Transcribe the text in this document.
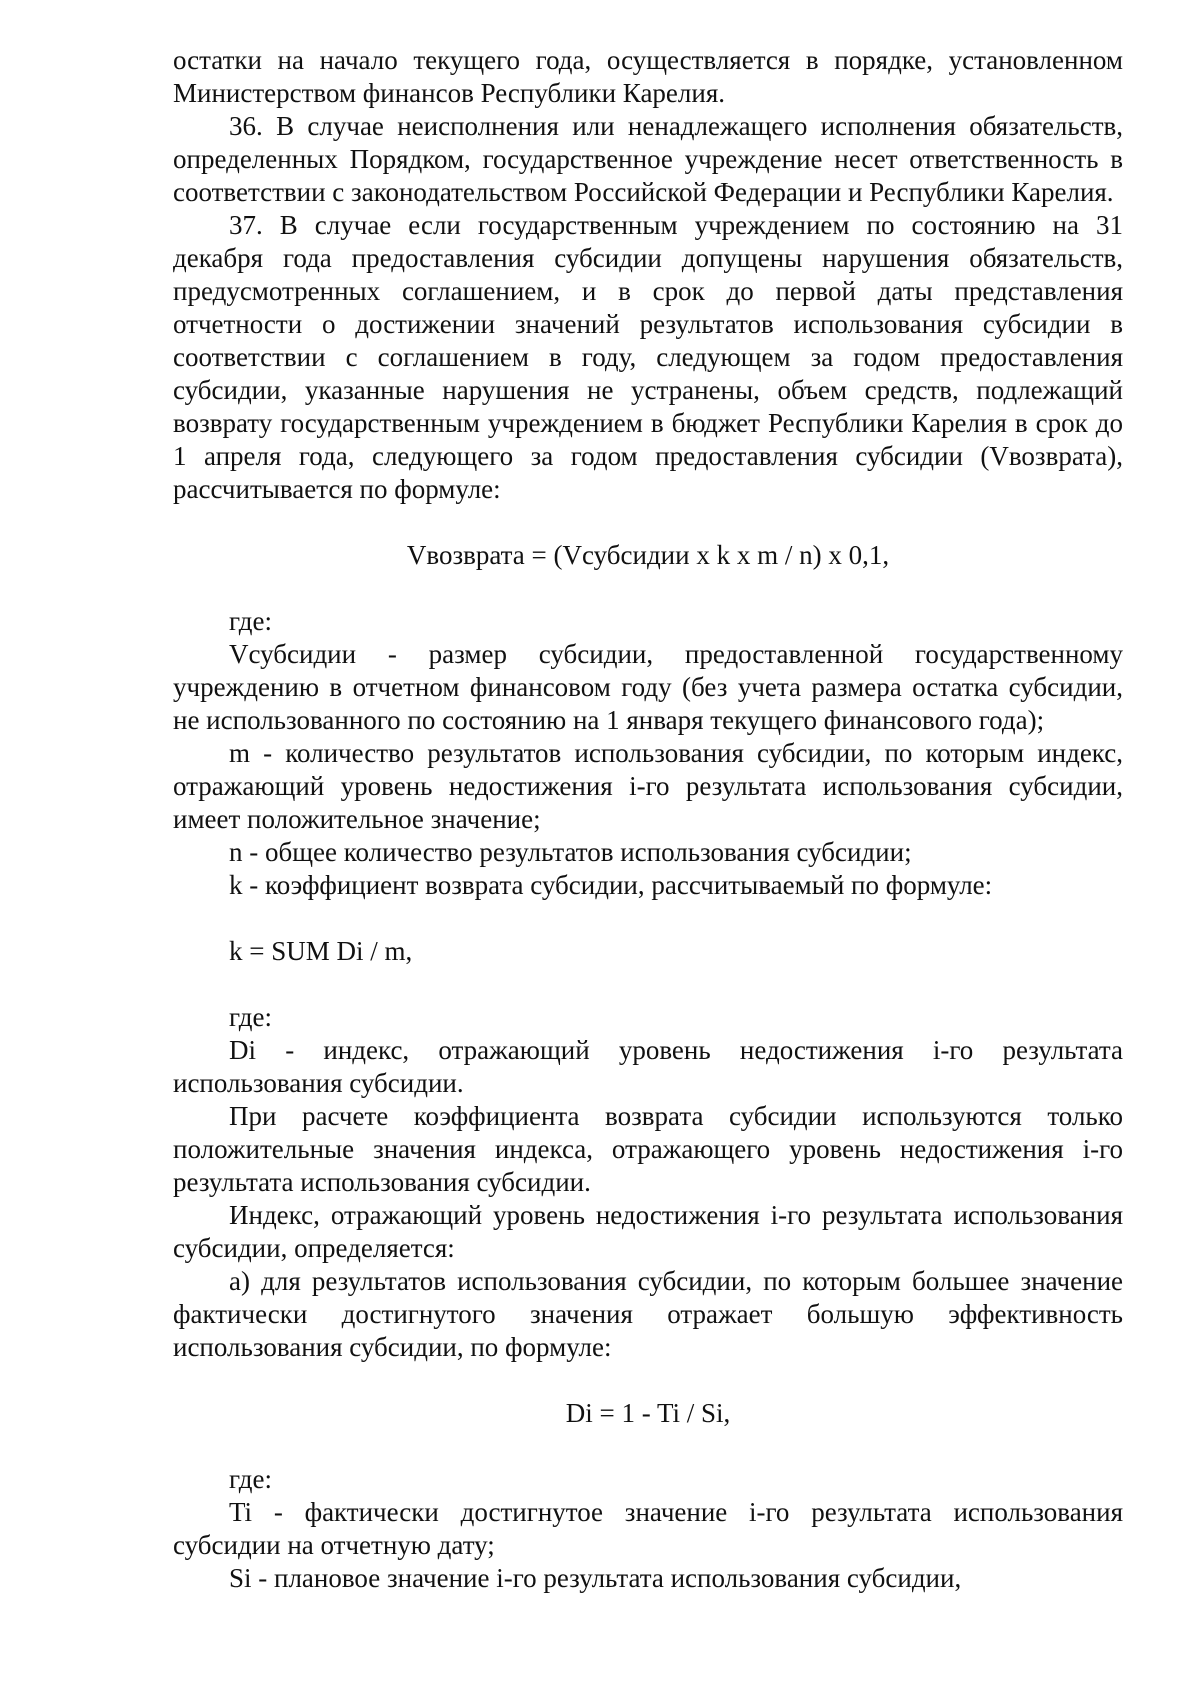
остатки на начало текущего года, осуществляется в порядке, установленном Министерством финансов Республики Карелия.

36. В случае неисполнения или ненадлежащего исполнения обязательств, определенных Порядком, государственное учреждение несет ответственность в соответствии с законодательством Российской Федерации и Республики Карелия.

37. В случае если государственным учреждением по состоянию на 31 декабря года предоставления субсидии допущены нарушения обязательств, предусмотренных соглашением, и в срок до первой даты представления отчетности о достижении значений результатов использования субсидии в соответствии с соглашением в году, следующем за годом предоставления субсидии, указанные нарушения не устранены, объем средств, подлежащий возврату государственным учреждением в бюджет Республики Карелия в срок до 1 апреля года, следующего за годом предоставления субсидии (Vвозврата), рассчитывается по формуле:

Vвозврата = (Vсубсидии x k x m / n) x 0,1,

где:

Vсубсидии - размер субсидии, предоставленной государственному учреждению в отчетном финансовом году (без учета размера остатка субсидии, не использованного по состоянию на 1 января текущего финансового года);

m - количество результатов использования субсидии, по которым индекс, отражающий уровень недостижения i-го результата использования субсидии, имеет положительное значение;

n - общее количество результатов использования субсидии;

k - коэффициент возврата субсидии, рассчитываемый по формуле:

k = SUM Di / m,

где:

Di - индекс, отражающий уровень недостижения i-го результата использования субсидии.

При расчете коэффициента возврата субсидии используются только положительные значения индекса, отражающего уровень недостижения i-го результата использования субсидии.

Индекс, отражающий уровень недостижения i-го результата использования субсидии, определяется:

а) для результатов использования субсидии, по которым большее значение фактически достигнутого значения отражает большую эффективность использования субсидии, по формуле:

Di = 1 - Ti / Si,

где:

Ti - фактически достигнутое значение i-го результата использования субсидии на отчетную дату;

Si - плановое значение i-го результата использования субсидии,
